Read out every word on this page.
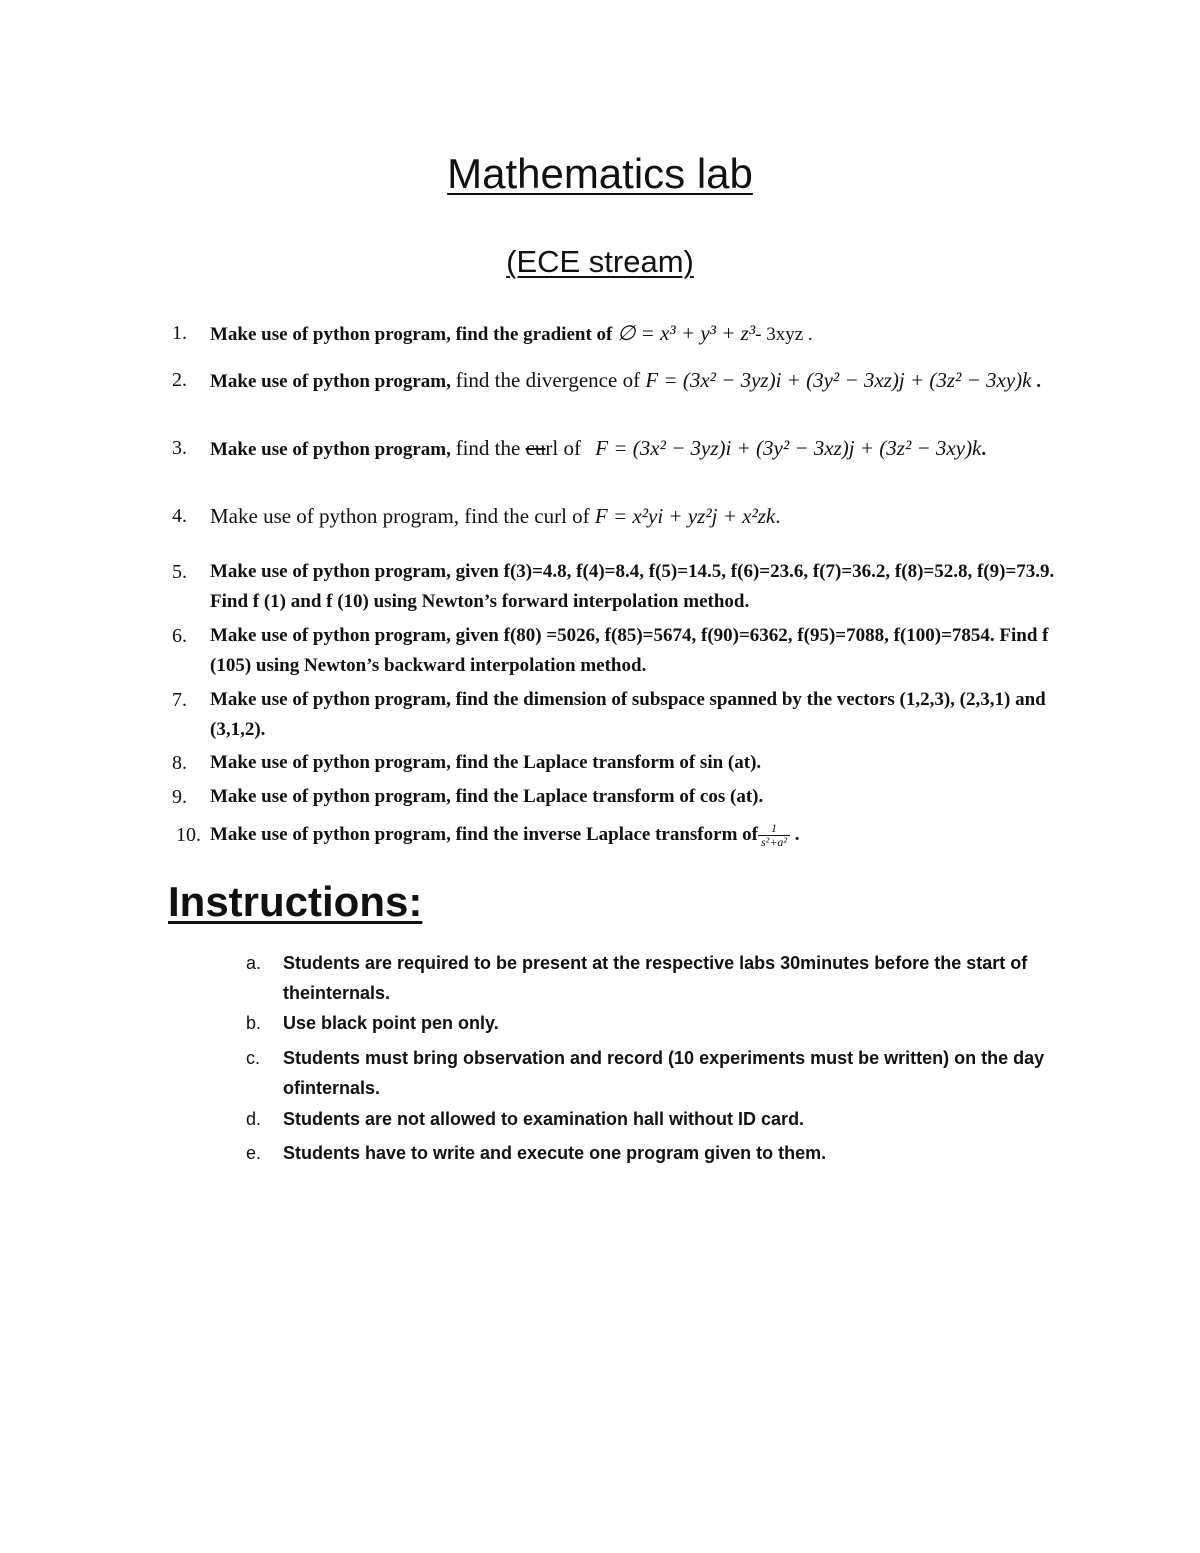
Mathematics lab
(ECE stream)
1.	Make use of python program, find the gradient of ∅ = x³ + y³ + z³- 3xyz .
2.	Make use of python program, find the divergence of F = (3x² − 3yz)i + (3y² − 3xz)j + (3z² − 3xy)k .
3.	Make use of python program, find the curl of F = (3x² − 3yz)i + (3y² − 3xz)j + (3z² − 3xy)k.
4.	Make use of python program, find the curl of F = x²yi + yz²j + x²zk.
5.	Make use of python program, given f(3)=4.8, f(4)=8.4, f(5)=14.5, f(6)=23.6, f(7)=36.2, f(8)=52.8, f(9)=73.9. Find f (1) and f (10) using Newton’s forward interpolation method.
6.	Make use of python program, given f(80) =5026, f(85)=5674, f(90)=6362, f(95)=7088, f(100)=7854. Find f (105) using Newton’s backward interpolation method.
7.	Make use of python program, find the dimension of subspace spanned by the vectors (1,2,3), (2,3,1) and (3,1,2).
8.	Make use of python program, find the Laplace transform of sin (at).
9.	Make use of python program, find the Laplace transform of cos (at).
10. Make use of python program, find the inverse Laplace transform of $\frac{1}{\text{s²+a²}}$ .
Instructions:
a. Students are required to be present at the respective labs 30minutes before the start of theinternals.
b. Use black point pen only.
c. Students must bring observation and record (10 experiments must be written) on the day ofinternals.
d. Students are not allowed to examination hall without ID card.
e. Students have to write and execute one program given to them.
